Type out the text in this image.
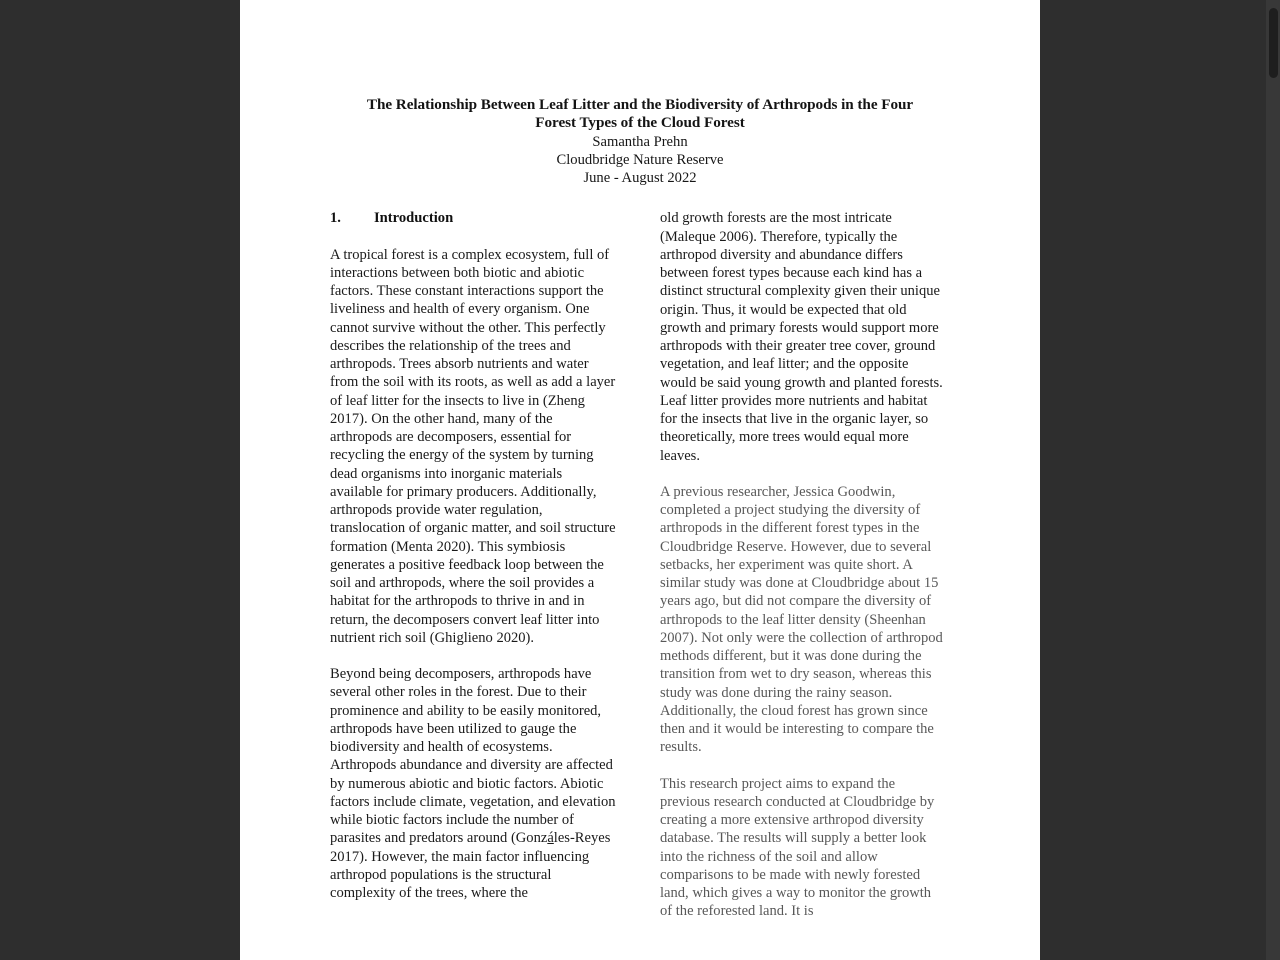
The Relationship Between Leaf Litter and the Biodiversity of Arthropods in the Four
Forest Types of the Cloud Forest
Samantha Prehn
Cloudbridge Nature Reserve
June - August 2022
1.	Introduction

A tropical forest is a complex ecosystem, full of interactions between both biotic and abiotic factors. These constant interactions support the liveliness and health of every organism. One cannot survive without the other. This perfectly describes the relationship of the trees and arthropods. Trees absorb nutrients and water from the soil with its roots, as well as add a layer of leaf litter for the insects to live in (Zheng 2017). On the other hand, many of the arthropods are decomposers, essential for recycling the energy of the system by turning dead organisms into inorganic materials available for primary producers. Additionally, arthropods provide water regulation, translocation of organic matter, and soil structure formation (Menta 2020). This symbiosis generates a positive feedback loop between the soil and arthropods, where the soil provides a habitat for the arthropods to thrive in and in return, the decomposers convert leaf litter into nutrient rich soil (Ghiglieno 2020).

Beyond being decomposers, arthropods have several other roles in the forest. Due to their prominence and ability to be easily monitored, arthropods have been utilized to gauge the biodiversity and health of ecosystems. Arthropods abundance and diversity are affected by numerous abiotic and biotic factors. Abiotic factors include climate, vegetation, and elevation while biotic factors include the number of parasites and predators around (Gonzáles-Reyes 2017). However, the main factor influencing arthropod populations is the structural complexity of the trees, where the

old growth forests are the most intricate (Maleque 2006). Therefore, typically the arthropod diversity and abundance differs between forest types because each kind has a distinct structural complexity given their unique origin. Thus, it would be expected that old growth and primary forests would support more arthropods with their greater tree cover, ground vegetation, and leaf litter; and the opposite would be said young growth and planted forests. Leaf litter provides more nutrients and habitat for the insects that live in the organic layer, so theoretically, more trees would equal more leaves.

A previous researcher, Jessica Goodwin, completed a project studying the diversity of arthropods in the different forest types in the Cloudbridge Reserve. However, due to several setbacks, her experiment was quite short. A similar study was done at Cloudbridge about 15 years ago, but did not compare the diversity of arthropods to the leaf litter density (Sheenhan 2007). Not only were the collection of arthropod methods different, but it was done during the transition from wet to dry season, whereas this study was done during the rainy season. Additionally, the cloud forest has grown since then and it would be interesting to compare the results.

This research project aims to expand the previous research conducted at Cloudbridge by creating a more extensive arthropod diversity database. The results will supply a better look into the richness of the soil and allow comparisons to be made with newly forested land, which gives a way to monitor the growth of the reforested land. It is
